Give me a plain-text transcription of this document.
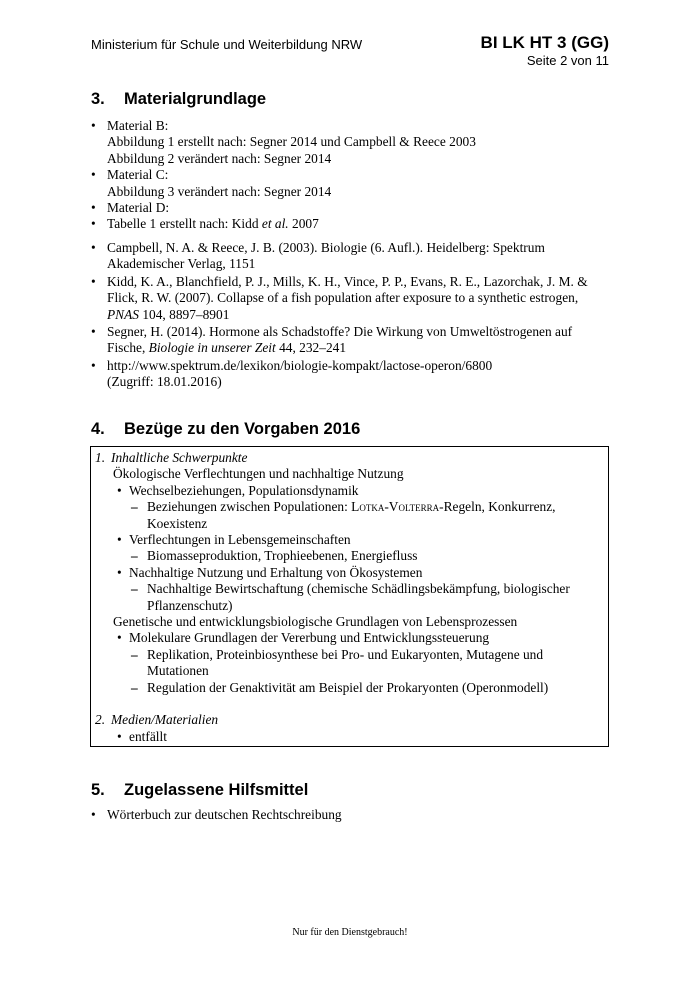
Ministerium für Schule und Weiterbildung NRW	BI LK HT 3 (GG)
Seite 2 von 11
3. Materialgrundlage
• Material B:
Abbildung 1 erstellt nach: Segner 2014 und Campbell & Reece 2003
Abbildung 2 verändert nach: Segner 2014
• Material C:
Abbildung 3 verändert nach: Segner 2014
• Material D:
• Tabelle 1 erstellt nach: Kidd et al. 2007
• Campbell, N. A. & Reece, J. B. (2003). Biologie (6. Aufl.). Heidelberg: Spektrum Akademischer Verlag, 1151
• Kidd, K. A., Blanchfield, P. J., Mills, K. H., Vince, P. P., Evans, R. E., Lazorchak, J. M. & Flick, R. W. (2007). Collapse of a fish population after exposure to a synthetic estrogen, PNAS 104, 8897–8901
• Segner, H. (2014). Hormone als Schadstoffe? Die Wirkung von Umweltöstrogenen auf Fische, Biologie in unserer Zeit 44, 232–241
• http://www.spektrum.de/lexikon/biologie-kompakt/lactose-operon/6800
(Zugriff: 18.01.2016)
4. Bezüge zu den Vorgaben 2016
1. Inhaltliche Schwerpunkte
Ökologische Verflechtungen und nachhaltige Nutzung
• Wechselbeziehungen, Populationsdynamik
– Beziehungen zwischen Populationen: Lotka-Volterra-Regeln, Konkurrenz, Koexistenz
• Verflechtungen in Lebensgemeinschaften
– Biomasseproduktion, Trophieebenen, Energiefluss
• Nachhaltige Nutzung und Erhaltung von Ökosystemen
– Nachhaltige Bewirtschaftung (chemische Schädlingsbekämpfung, biologischer Pflanzenschutz)
Genetische und entwicklungsbiologische Grundlagen von Lebensprozessen
• Molekulare Grundlagen der Vererbung und Entwicklungssteuerung
– Replikation, Proteinbiosynthese bei Pro- und Eukaryonten, Mutagene und Mutationen
– Regulation der Genaktivität am Beispiel der Prokaryonten (Operonmodell)
2. Medien/Materialien
• entfällt
5. Zugelassene Hilfsmittel
• Wörterbuch zur deutschen Rechtschreibung
Nur für den Dienstgebrauch!
